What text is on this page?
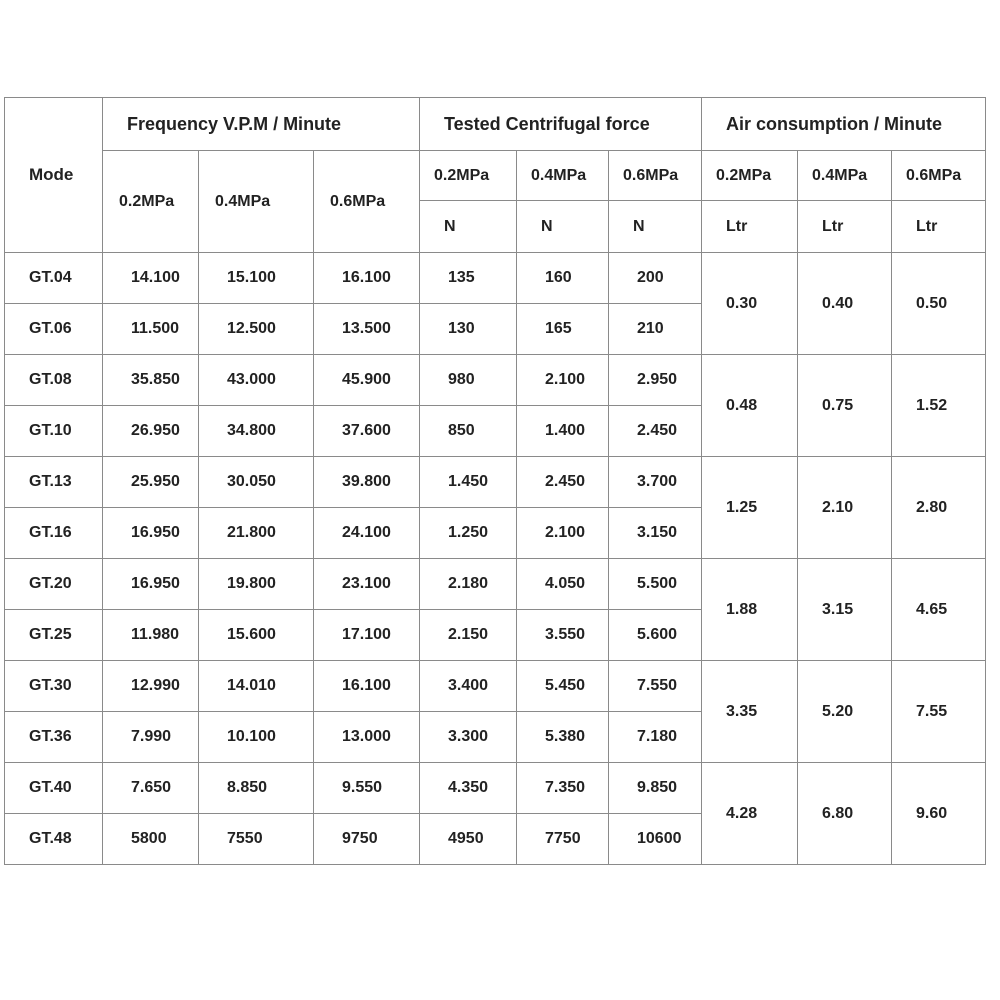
Mode	Frequency V.P.M / Minute			Tested Centrifugal force			Air consumption / Minute		
	0.2MPa	0.4MPa	0.6MPa	0.2MPa	0.4MPa	0.6MPa	0.2MPa	0.4MPa	0.6MPa
				N	N	N	Ltr	Ltr	Ltr
GT.04	14.100	15.100	16.100	135	160	200	0.30	0.40	0.50
GT.06	11.500	12.500	13.500	130	165	210			
GT.08	35.850	43.000	45.900	980	2.100	2.950	0.48	0.75	1.52
GT.10	26.950	34.800	37.600	850	1.400	2.450			
GT.13	25.950	30.050	39.800	1.450	2.450	3.700	1.25	2.10	2.80
GT.16	16.950	21.800	24.100	1.250	2.100	3.150			
GT.20	16.950	19.800	23.100	2.180	4.050	5.500	1.88	3.15	4.65
GT.25	11.980	15.600	17.100	2.150	3.550	5.600			
GT.30	12.990	14.010	16.100	3.400	5.450	7.550	3.35	5.20	7.55
GT.36	7.990	10.100	13.000	3.300	5.380	7.180			
GT.40	7.650	8.850	9.550	4.350	7.350	9.850	4.28	6.80	9.60
GT.48	5800	7550	9750	4950	7750	10600			
